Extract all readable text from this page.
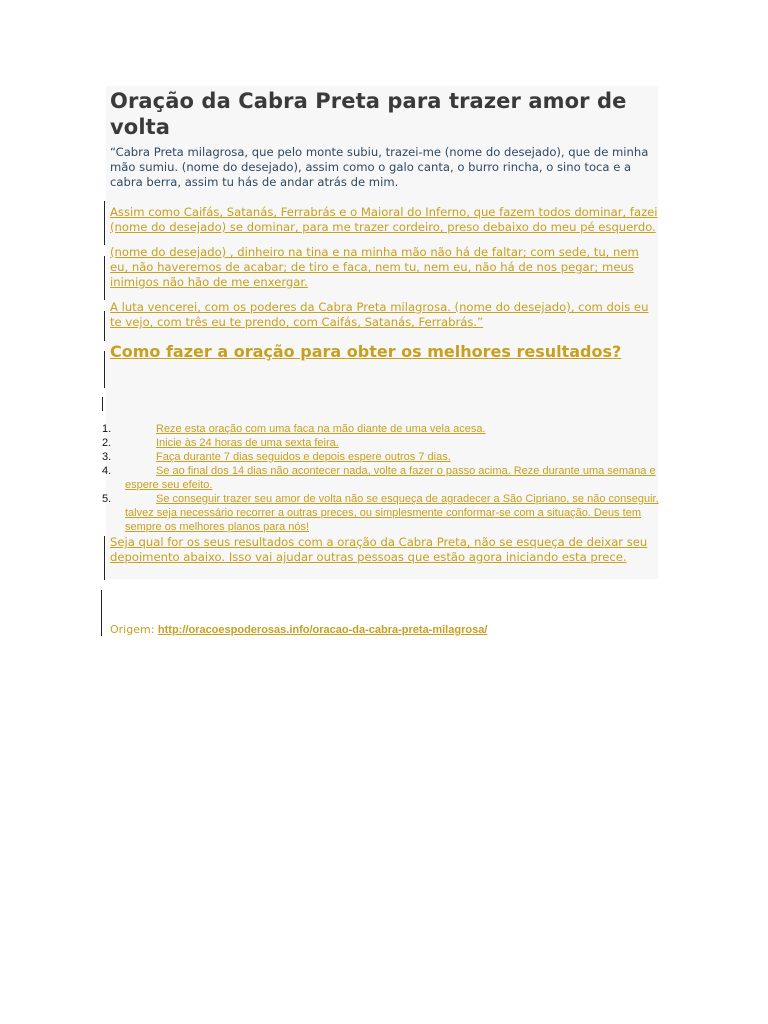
Oração da Cabra Preta para trazer amor de volta

“Cabra Preta milagrosa, que pelo monte subiu, trazei-me (nome do desejado), que de minha mão sumiu. (nome do desejado), assim como o galo canta, o burro rincha, o sino toca e a cabra berra, assim tu hás de andar atrás de mim.

Assim como Caifás, Satanás, Ferrabrás e o Maioral do Inferno, que fazem todos dominar, fazei (nome do desejado) se dominar, para me trazer cordeiro, preso debaixo do meu pé esquerdo.

(nome do desejado) , dinheiro na tina e na minha mão não há de faltar; com sede, tu, nem eu, não haveremos de acabar; de tiro e faca, nem tu, nem eu, não há de nos pegar; meus inimigos não hão de me enxergar.

A luta vencerei, com os poderes da Cabra Preta milagrosa. (nome do desejado), com dois eu te vejo, com três eu te prendo, com Caifás, Satanás, Ferrabrás.”

Como fazer a oração para obter os melhores resultados?
1.	Reze esta oração com uma faca na mão diante de uma vela acesa.
2.	Inicie às 24 horas de uma sexta feira.
3.	Faça durante 7 dias seguidos e depois espere outros 7 dias.
4.	Se ao final dos 14 dias não acontecer nada, volte a fazer o passo acima. Reze durante uma semana e espere seu efeito.
5.	Se conseguir trazer seu amor de volta não se esqueça de agradecer a São Cipriano, se não conseguir, talvez seja necessário recorrer a outras preces, ou simplesmente conformar-se com a situação. Deus tem sempre os melhores planos para nós!

Seja qual for os seus resultados com a oração da Cabra Preta, não se esqueça de deixar seu depoimento abaixo. Isso vai ajudar outras pessoas que estão agora iniciando esta prece.

Origem: http://oracoespoderosas.info/oracao-da-cabra-preta-milagrosa/
